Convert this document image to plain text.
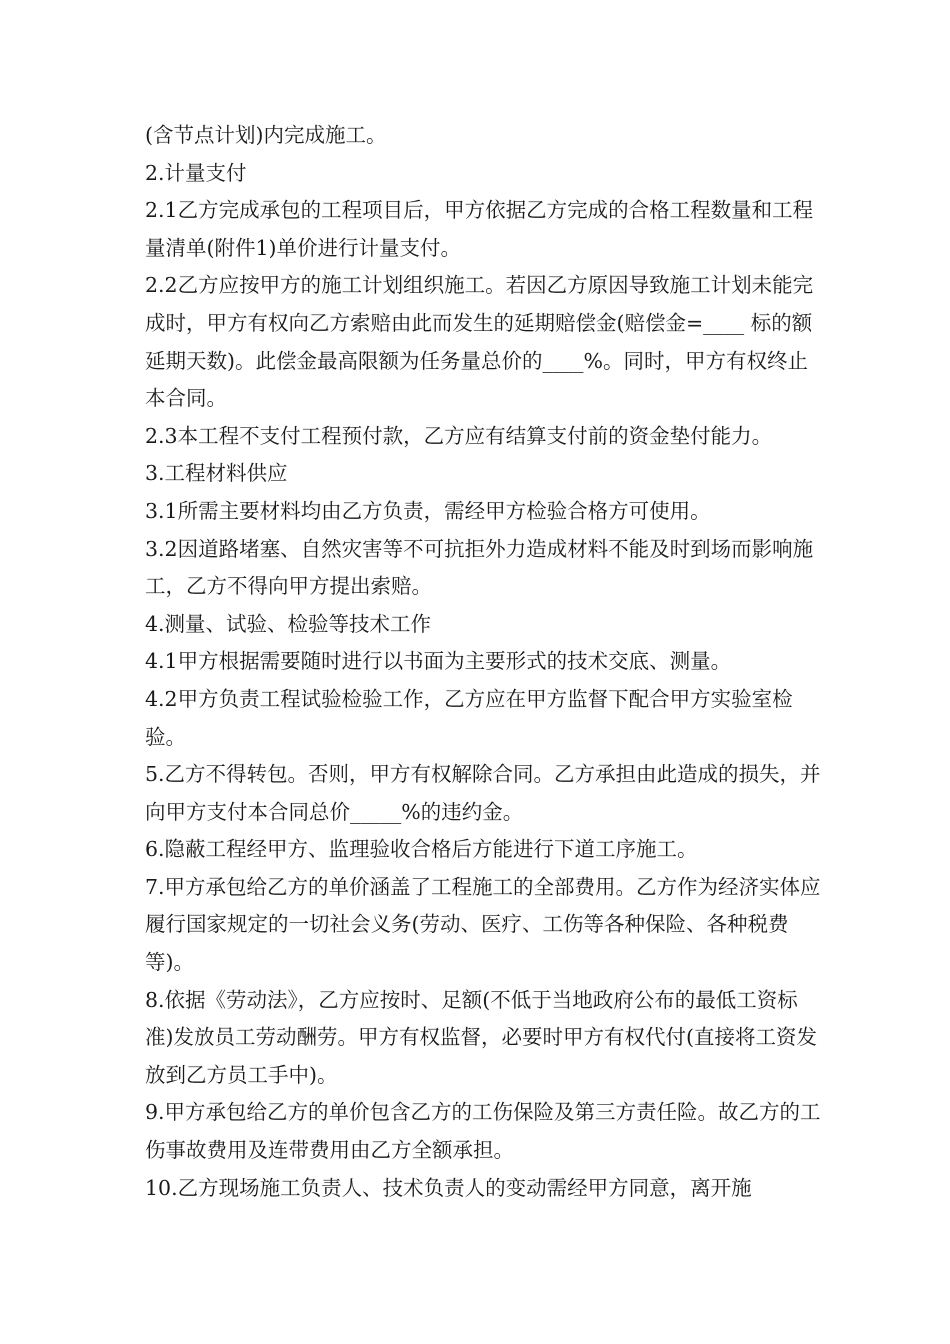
(含节点计划)内完成施工。

2.计量支付

2.1乙方完成承包的工程项目后，甲方依据乙方完成的合格工程数量和工程量清单(附件1)单价进行计量支付。

2.2乙方应按甲方的施工计划组织施工。若因乙方原因导致施工计划未能完成时，甲方有权向乙方索赔由此而发生的延期赔偿金(赔偿金=____ 标的额 延期天数)。此偿金最高限额为任务量总价的____%。同时，甲方有权终止本合同。

2.3本工程不支付工程预付款，乙方应有结算支付前的资金垫付能力。

3.工程材料供应

3.1所需主要材料均由乙方负责，需经甲方检验合格方可使用。

3.2因道路堵塞、自然灾害等不可抗拒外力造成材料不能及时到场而影响施工，乙方不得向甲方提出索赔。

4.测量、试验、检验等技术工作

4.1甲方根据需要随时进行以书面为主要形式的技术交底、测量。

4.2甲方负责工程试验检验工作，乙方应在甲方监督下配合甲方实验室检验。

5.乙方不得转包。否则，甲方有权解除合同。乙方承担由此造成的损失，并向甲方支付本合同总价_____%的违约金。

6.隐蔽工程经甲方、监理验收合格后方能进行下道工序施工。

7.甲方承包给乙方的单价涵盖了工程施工的全部费用。乙方作为经济实体应履行国家规定的一切社会义务(劳动、医疗、工伤等各种保险、各种税费等)。

8.依据《劳动法》，乙方应按时、足额(不低于当地政府公布的最低工资标准)发放员工劳动酬劳。甲方有权监督，必要时甲方有权代付(直接将工资发放到乙方员工手中)。

9.甲方承包给乙方的单价包含乙方的工伤保险及第三方责任险。故乙方的工伤事故费用及连带费用由乙方全额承担。

10.乙方现场施工负责人、技术负责人的变动需经甲方同意，离开施
